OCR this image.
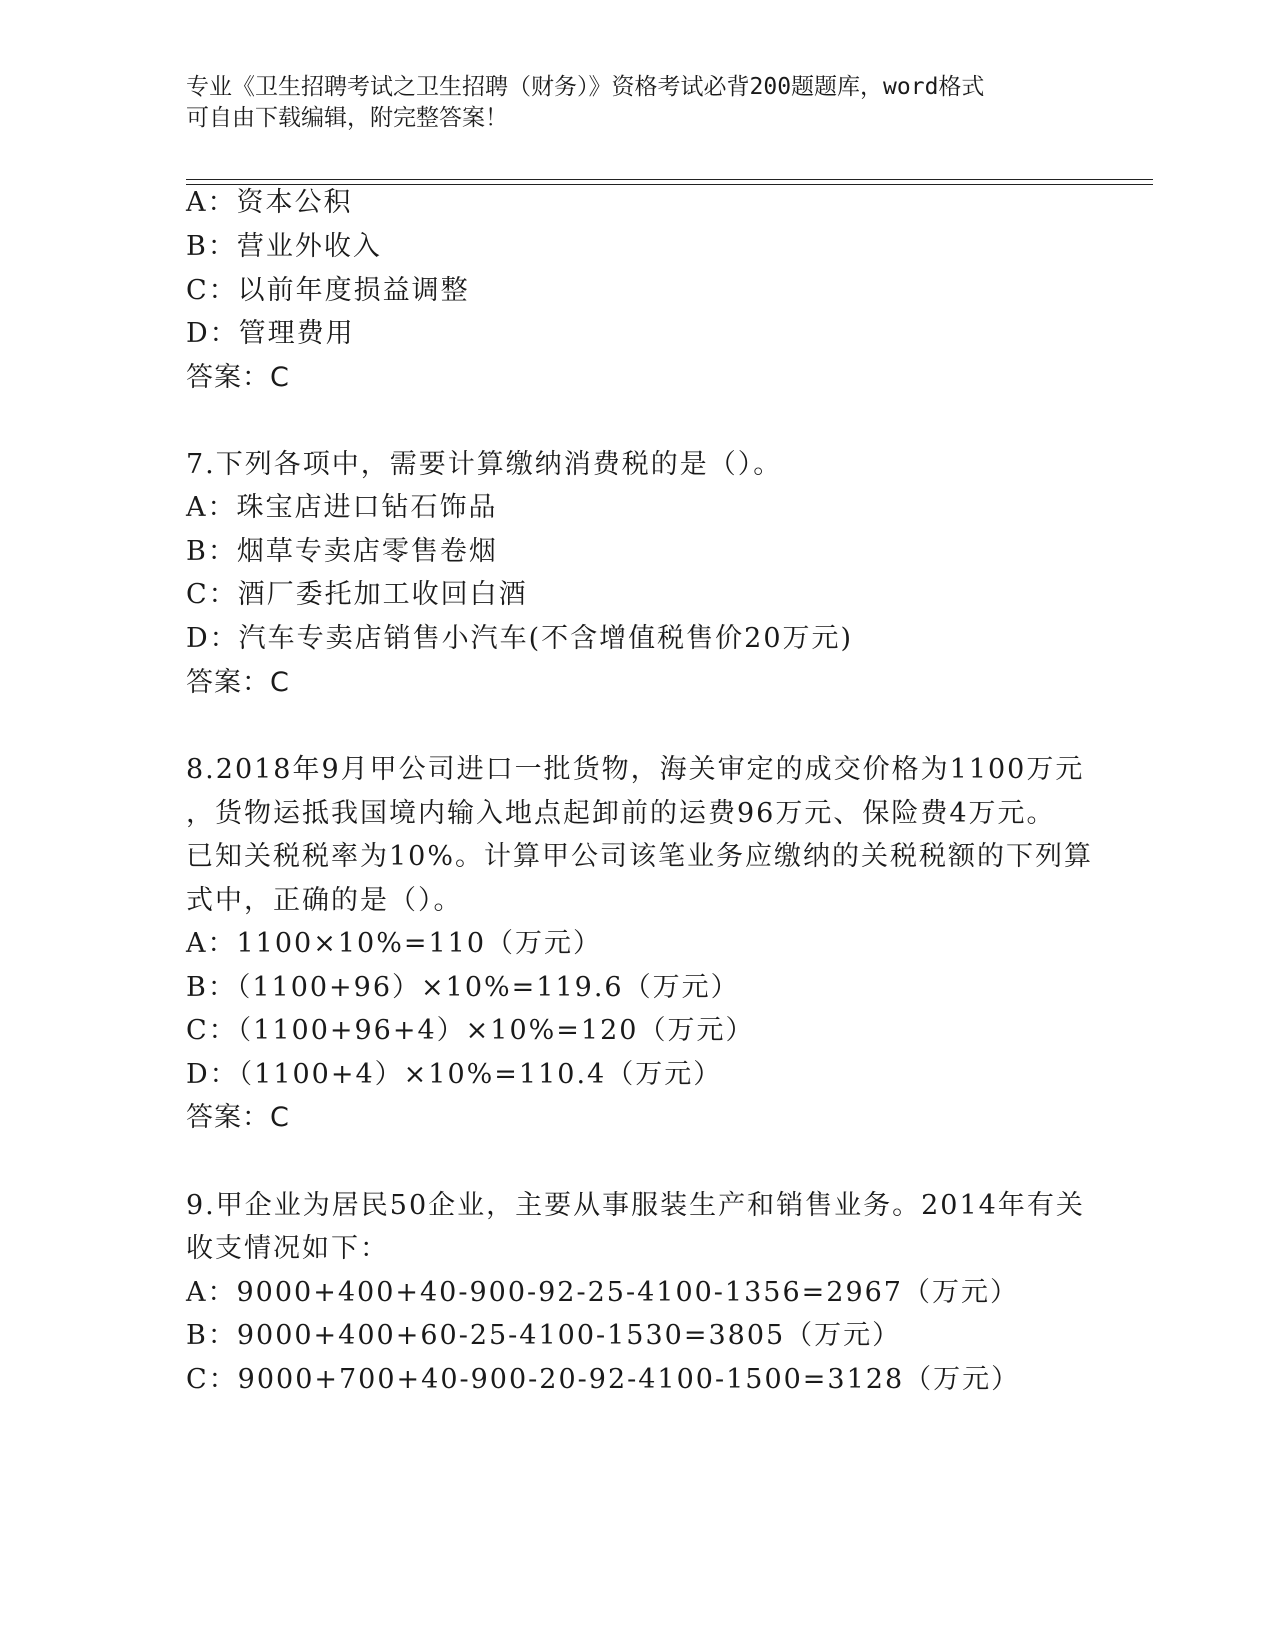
专业《卫生招聘考试之卫生招聘（财务）》资格考试必背200题题库，word格式
可自由下载编辑，附完整答案！
A：资本公积
B：营业外收入
C：以前年度损益调整
D：管理费用
答案：C
7.下列各项中，需要计算缴纳消费税的是（）。
A：珠宝店进口钻石饰品
B：烟草专卖店零售卷烟
C：酒厂委托加工收回白酒
D：汽车专卖店销售小汽车(不含增值税售价20万元)
答案：C
8.2018年9月甲公司进口一批货物，海关审定的成交价格为1100万元
，货物运抵我国境内输入地点起卸前的运费96万元、保险费4万元。
已知关税税率为10%。计算甲公司该笔业务应缴纳的关税税额的下列算
式中，正确的是（）。
A：1100×10%=110（万元）
B：（1100+96）×10%=119.6（万元）
C：（1100+96+4）×10%=120（万元）
D：（1100+4）×10%=110.4（万元）
答案：C
9.甲企业为居民50企业，主要从事服装生产和销售业务。2014年有关
收支情况如下：
A：9000+400+40-900-92-25-4100-1356=2967（万元）
B：9000+400+60-25-4100-1530=3805（万元）
C：9000+700+40-900-20-92-4100-1500=3128（万元）
